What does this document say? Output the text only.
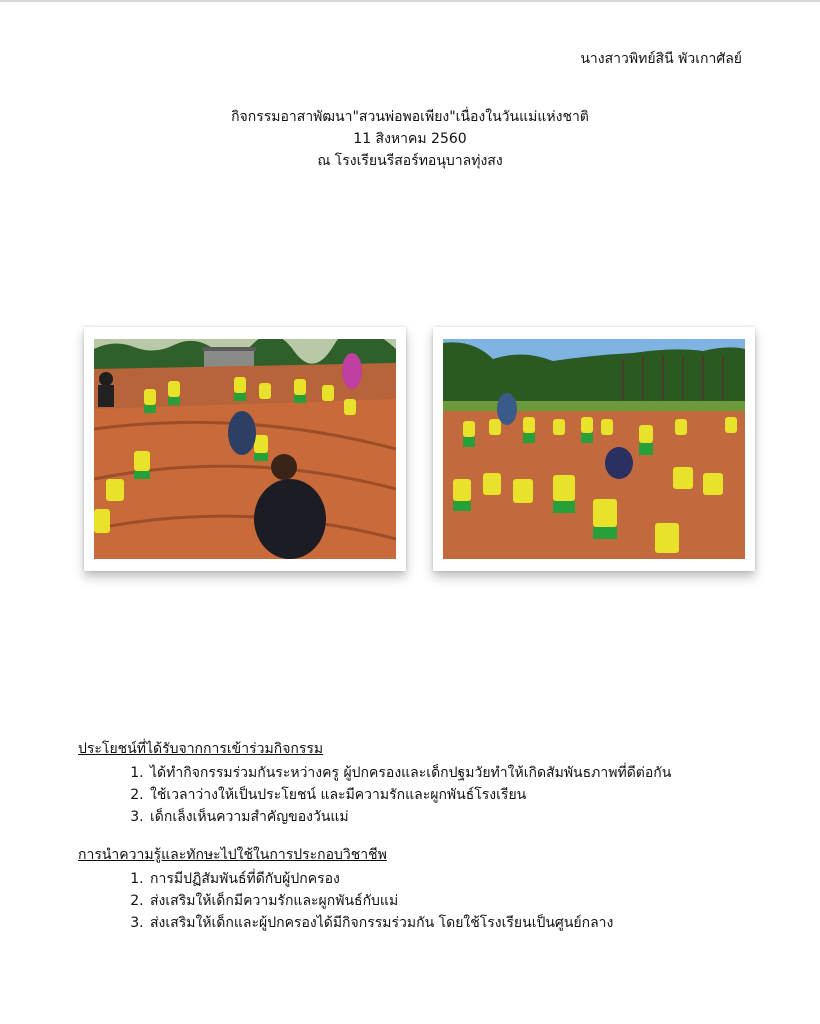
นางสาวพิทย์สินี พัวเกาศัลย์
กิจกรรมอาสาพัฒนา"สวนพ่อพอเพียง"เนื่องในวันแม่แห่งชาติ
11 สิงหาคม 2560
ณ โรงเรียนรีสอร์ทอนุบาลทุ่งสง
ประโยชน์ที่ได้รับจากการเข้าร่วมกิจกรรม
1. ได้ทำกิจกรรมร่วมกันระหว่างครู ผู้ปกครองและเด็กปฐมวัยทำให้เกิดสัมพันธภาพที่ดีต่อกัน
2. ใช้เวลาว่างให้เป็นประโยชน์ และมีความรักและผูกพันธ์โรงเรียน
3. เด็กเล็งเห็นความสำคัญของวันแม่
การนำความรู้และทักษะไปใช้ในการประกอบวิชาชีพ
1. การมีปฏิสัมพันธ์ที่ดีกับผู้ปกครอง
2. ส่งเสริมให้เด็กมีความรักและผูกพันธ์กับแม่
3. ส่งเสริมให้เด็กและผู้ปกครองได้มีกิจกรรมร่วมกัน โดยใช้โรงเรียนเป็นศูนย์กลาง
